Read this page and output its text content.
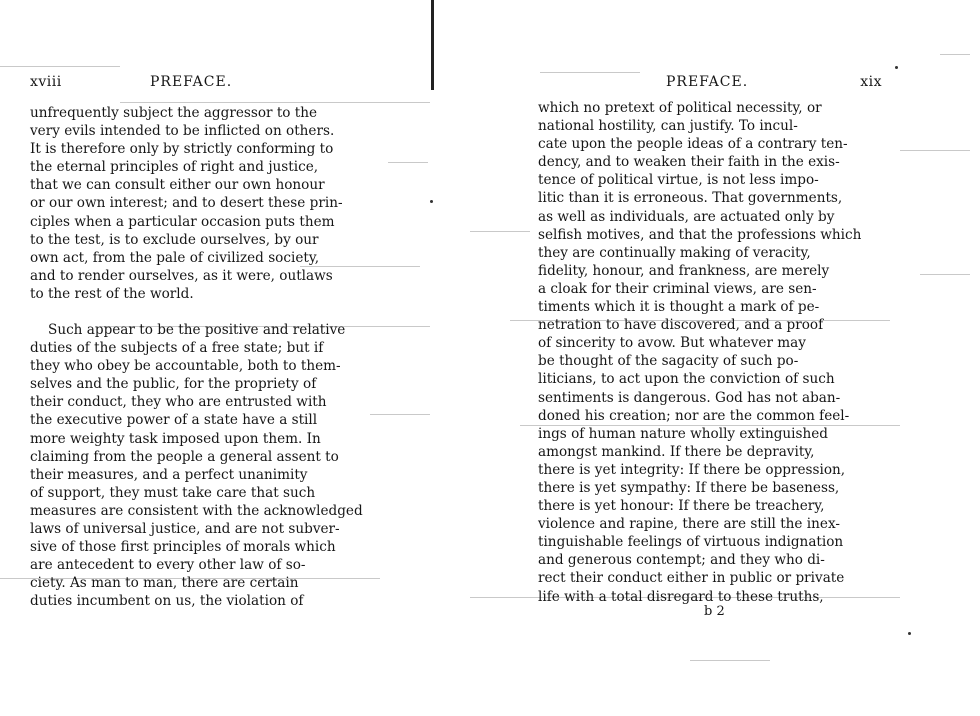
xviii	PREFACE.
unfrequently subject the aggressor to the
very evils intended to be inflicted on others.
It is therefore only by strictly conforming to
the eternal principles of right and justice,
that we can consult either our own honour
or our own interest; and to desert these prin-
ciples when a particular occasion puts them
to the test, is to exclude ourselves, by our
own act, from the pale of civilized society,
and to render ourselves, as it were, outlaws
to the rest of the world.
Such appear to be the positive and relative
duties of the subjects of a free state; but if
they who obey be accountable, both to them-
selves and the public, for the propriety of
their conduct, they who are entrusted with
the executive power of a state have a still
more weighty task imposed upon them. In
claiming from the people a general assent to
their measures, and a perfect unanimity
of support, they must take care that such
measures are consistent with the acknowledged
laws of universal justice, and are not subver-
sive of those first principles of morals which
are antecedent to every other law of so-
ciety. As man to man, there are certain
duties incumbent on us, the violation of
PREFACE.	xix
which no pretext of political necessity, or
national hostility, can justify. To incul-
cate upon the people ideas of a contrary ten-
dency, and to weaken their faith in the exis-
tence of political virtue, is not less impo-
litic than it is erroneous. That governments,
as well as individuals, are actuated only by
selfish motives, and that the professions which
they are continually making of veracity,
fidelity, honour, and frankness, are merely
a cloak for their criminal views, are sen-
timents which it is thought a mark of pe-
netration to have discovered, and a proof
of sincerity to avow. But whatever may
be thought of the sagacity of such po-
liticians, to act upon the conviction of such
sentiments is dangerous. God has not aban-
doned his creation; nor are the common feel-
ings of human nature wholly extinguished
amongst mankind. If there be depravity,
there is yet integrity: If there be oppression,
there is yet sympathy: If there be baseness,
there is yet honour: If there be treachery,
violence and rapine, there are still the inex-
tinguishable feelings of virtuous indignation
and generous contempt; and they who di-
rect their conduct either in public or private
life with a total disregard to these truths,
b 2
